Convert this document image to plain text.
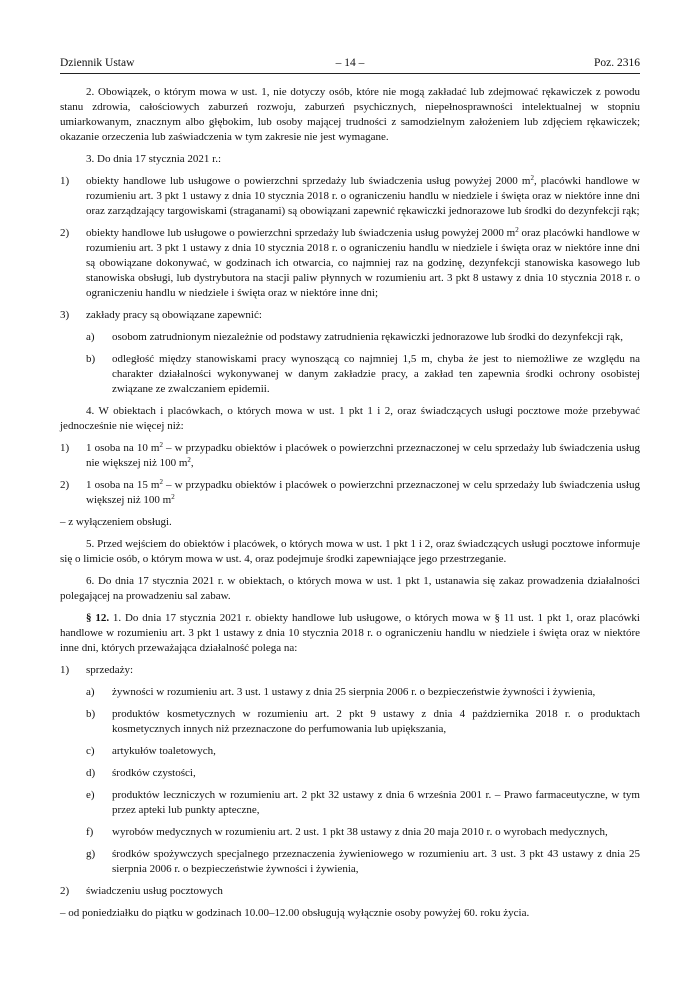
Dziennik Ustaw	– 14 –	Poz. 2316

2. Obowiązek, o którym mowa w ust. 1, nie dotyczy osób, które nie mogą zakładać lub zdejmować rękawiczek z powodu stanu zdrowia, całościowych zaburzeń rozwoju, zaburzeń psychicznych, niepełnosprawności intelektualnej w stopniu umiarkowanym, znacznym albo głębokim, lub osoby mającej trudności z samodzielnym założeniem lub zdjęciem rękawiczek; okazanie orzeczenia lub zaświadczenia w tym zakresie nie jest wymagane.

3. Do dnia 17 stycznia 2021 r.:

1) obiekty handlowe lub usługowe o powierzchni sprzedaży lub świadczenia usług powyżej 2000 $m^2$, placówki handlowe w rozumieniu art. 3 pkt 1 ustawy z dnia 10 stycznia 2018 r. o ograniczeniu handlu w niedziele i święta oraz w niektóre inne dni oraz zarządzający targowiskami (straganami) są obowiązani zapewnić rękawiczki jednorazowe lub środki do dezynfekcji rąk;
2) obiekty handlowe lub usługowe o powierzchni sprzedaży lub świadczenia usług powyżej 2000 $m^2$ oraz placówki handlowe w rozumieniu art. 3 pkt 1 ustawy z dnia 10 stycznia 2018 r. o ograniczeniu handlu w niedziele i święta oraz w niektóre inne dni są obowiązane dokonywać, w godzinach ich otwarcia, co najmniej raz na godzinę, dezynfekcji stanowiska kasowego lub stanowiska obsługi, lub dystrybutora na stacji paliw płynnych w rozumieniu art. 3 pkt 8 ustawy z dnia 10 stycznia 2018 r. o ograniczeniu handlu w niedziele i święta oraz w niektóre inne dni;
3) zakłady pracy są obowiązane zapewnić:
a) osobom zatrudnionym niezależnie od podstawy zatrudnienia rękawiczki jednorazowe lub środki do dezynfekcji rąk,
b) odległość między stanowiskami pracy wynoszącą co najmniej 1,5 m, chyba że jest to niemożliwe ze względu na charakter działalności wykonywanej w danym zakładzie pracy, a zakład ten zapewnia środki ochrony osobistej związane ze zwalczaniem epidemii.

4. W obiektach i placówkach, o których mowa w ust. 1 pkt 1 i 2, oraz świadczących usługi pocztowe może przebywać jednocześnie nie więcej niż:

1) 1 osoba na 10 $m^2$ – w przypadku obiektów i placówek o powierzchni przeznaczonej w celu sprzedaży lub świadczenia usług nie większej niż 100 $m^2$,
2) 1 osoba na 15 $m^2$ – w przypadku obiektów i placówek o powierzchni przeznaczonej w celu sprzedaży lub świadczenia usług większej niż 100 $m^2$

– z wyłączeniem obsługi.

5. Przed wejściem do obiektów i placówek, o których mowa w ust. 1 pkt 1 i 2, oraz świadczących usługi pocztowe informuje się o limicie osób, o którym mowa w ust. 4, oraz podejmuje środki zapewniające jego przestrzeganie.

6. Do dnia 17 stycznia 2021 r. w obiektach, o których mowa w ust. 1 pkt 1, ustanawia się zakaz prowadzenia działalności polegającej na prowadzeniu sal zabaw.

§ 12. 1. Do dnia 17 stycznia 2021 r. obiekty handlowe lub usługowe, o których mowa w § 11 ust. 1 pkt 1, oraz placówki handlowe w rozumieniu art. 3 pkt 1 ustawy z dnia 10 stycznia 2018 r. o ograniczeniu handlu w niedziele i święta oraz w niektóre inne dni, których przeważająca działalność polega na:

1) sprzedaży:
a) żywności w rozumieniu art. 3 ust. 1 ustawy z dnia 25 sierpnia 2006 r. o bezpieczeństwie żywności i żywienia,
b) produktów kosmetycznych w rozumieniu art. 2 pkt 9 ustawy z dnia 4 października 2018 r. o produktach kosmetycznych innych niż przeznaczone do perfumowania lub upiększania,
c) artykułów toaletowych,
d) środków czystości,
e) produktów leczniczych w rozumieniu art. 2 pkt 32 ustawy z dnia 6 września 2001 r. – Prawo farmaceutyczne, w tym przez apteki lub punkty apteczne,
f) wyrobów medycznych w rozumieniu art. 2 ust. 1 pkt 38 ustawy z dnia 20 maja 2010 r. o wyrobach medycznych,
g) środków spożywczych specjalnego przeznaczenia żywieniowego w rozumieniu art. 3 ust. 3 pkt 43 ustawy z dnia 25 sierpnia 2006 r. o bezpieczeństwie żywności i żywienia,
2) świadczeniu usług pocztowych

– od poniedziałku do piątku w godzinach 10.00–12.00 obsługują wyłącznie osoby powyżej 60. roku życia.
